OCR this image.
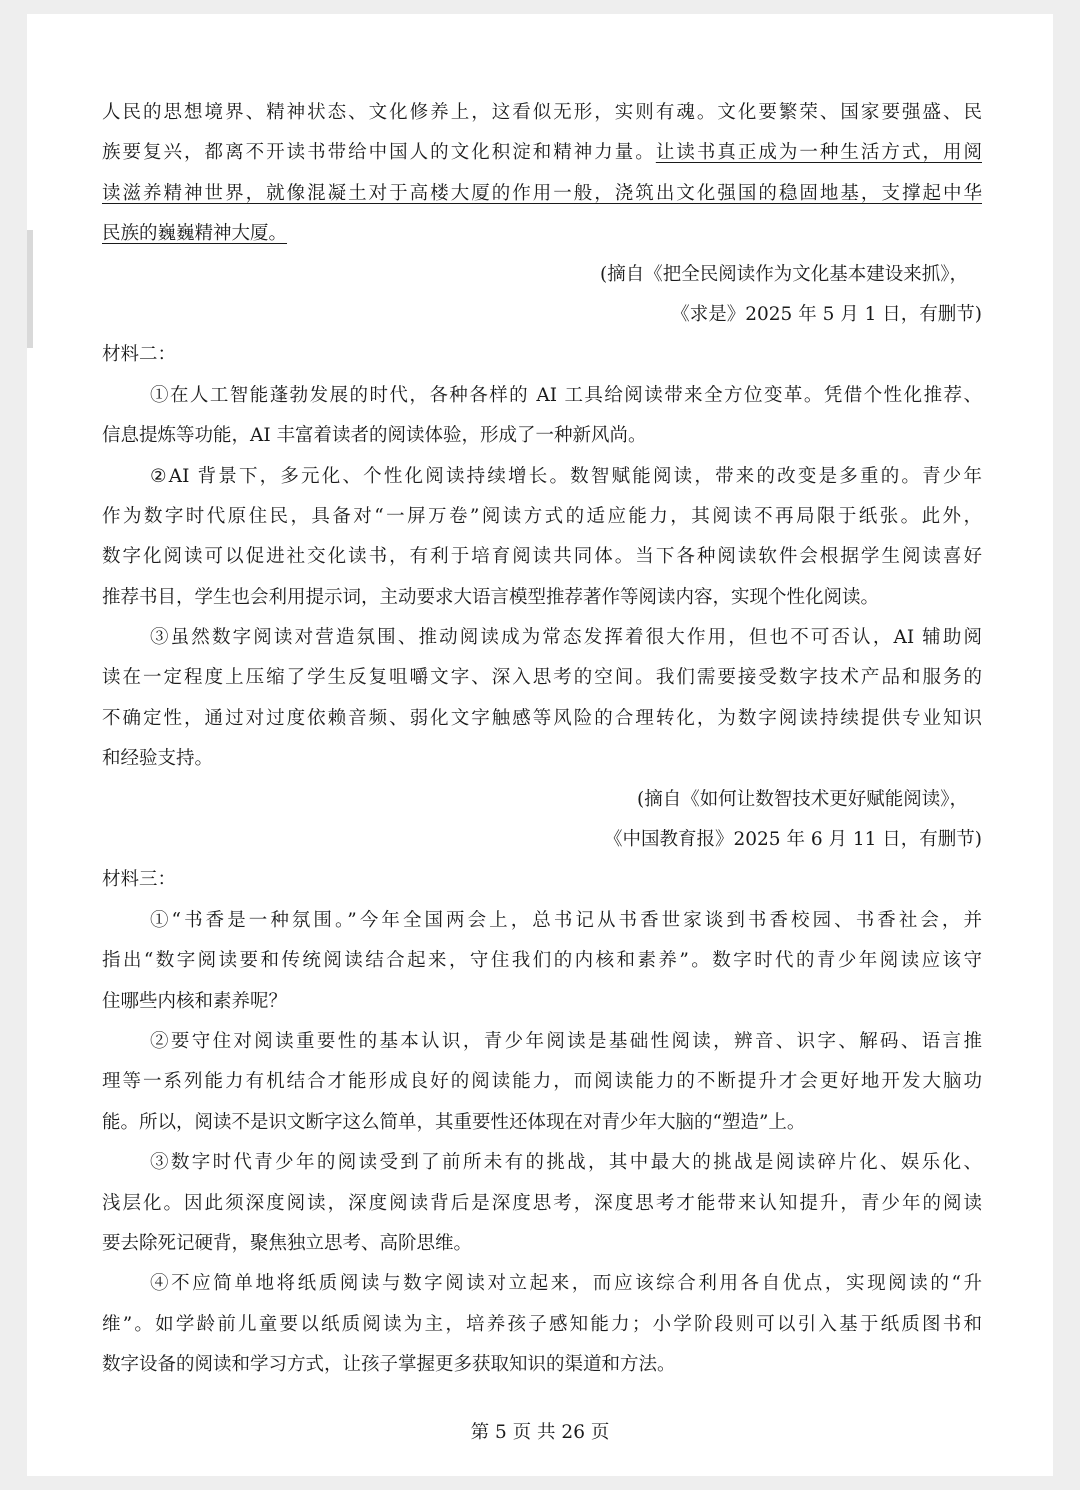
人民的思想境界、精神状态、文化修养上，这看似无形，实则有魂。文化要繁荣、国家要强盛、民
族要复兴，都离不开读书带给中国人的文化积淀和精神力量。让读书真正成为一种生活方式，用阅
读滋养精神世界，就像混凝土对于高楼大厦的作用一般，浇筑出文化强国的稳固地基，支撑起中华
民族的巍巍精神大厦。
(摘自《把全民阅读作为文化基本建设来抓》，
《求是》2025 年 5 月 1 日，有删节)
材料二：
①在人工智能蓬勃发展的时代，各种各样的 AI 工具给阅读带来全方位变革。凭借个性化推荐、
信息提炼等功能，AI 丰富着读者的阅读体验，形成了一种新风尚。
②AI 背景下，多元化、个性化阅读持续增长。数智赋能阅读，带来的改变是多重的。青少年
作为数字时代原住民，具备对“一屏万卷”阅读方式的适应能力，其阅读不再局限于纸张。此外，
数字化阅读可以促进社交化读书，有利于培育阅读共同体。当下各种阅读软件会根据学生阅读喜好
推荐书目，学生也会利用提示词，主动要求大语言模型推荐著作等阅读内容，实现个性化阅读。
③虽然数字阅读对营造氛围、推动阅读成为常态发挥着很大作用，但也不可否认，AI 辅助阅
读在一定程度上压缩了学生反复咀嚼文字、深入思考的空间。我们需要接受数字技术产品和服务的
不确定性，通过对过度依赖音频、弱化文字触感等风险的合理转化，为数字阅读持续提供专业知识
和经验支持。
(摘自《如何让数智技术更好赋能阅读》，
《中国教育报》2025 年 6 月 11 日，有删节)
材料三：
①“书香是一种氛围。”今年全国两会上，总书记从书香世家谈到书香校园、书香社会，并
指出“数字阅读要和传统阅读结合起来，守住我们的内核和素养”。数字时代的青少年阅读应该守
住哪些内核和素养呢？
②要守住对阅读重要性的基本认识，青少年阅读是基础性阅读，辨音、识字、解码、语言推
理等一系列能力有机结合才能形成良好的阅读能力，而阅读能力的不断提升才会更好地开发大脑功
能。所以，阅读不是识文断字这么简单，其重要性还体现在对青少年大脑的“塑造”上。
③数字时代青少年的阅读受到了前所未有的挑战，其中最大的挑战是阅读碎片化、娱乐化、
浅层化。因此须深度阅读，深度阅读背后是深度思考，深度思考才能带来认知提升，青少年的阅读
要去除死记硬背，聚焦独立思考、高阶思维。
④不应简单地将纸质阅读与数字阅读对立起来，而应该综合利用各自优点，实现阅读的“升
维”。如学龄前儿童要以纸质阅读为主，培养孩子感知能力；小学阶段则可以引入基于纸质图书和
数字设备的阅读和学习方式，让孩子掌握更多获取知识的渠道和方法。
第 5 页 共 26 页
